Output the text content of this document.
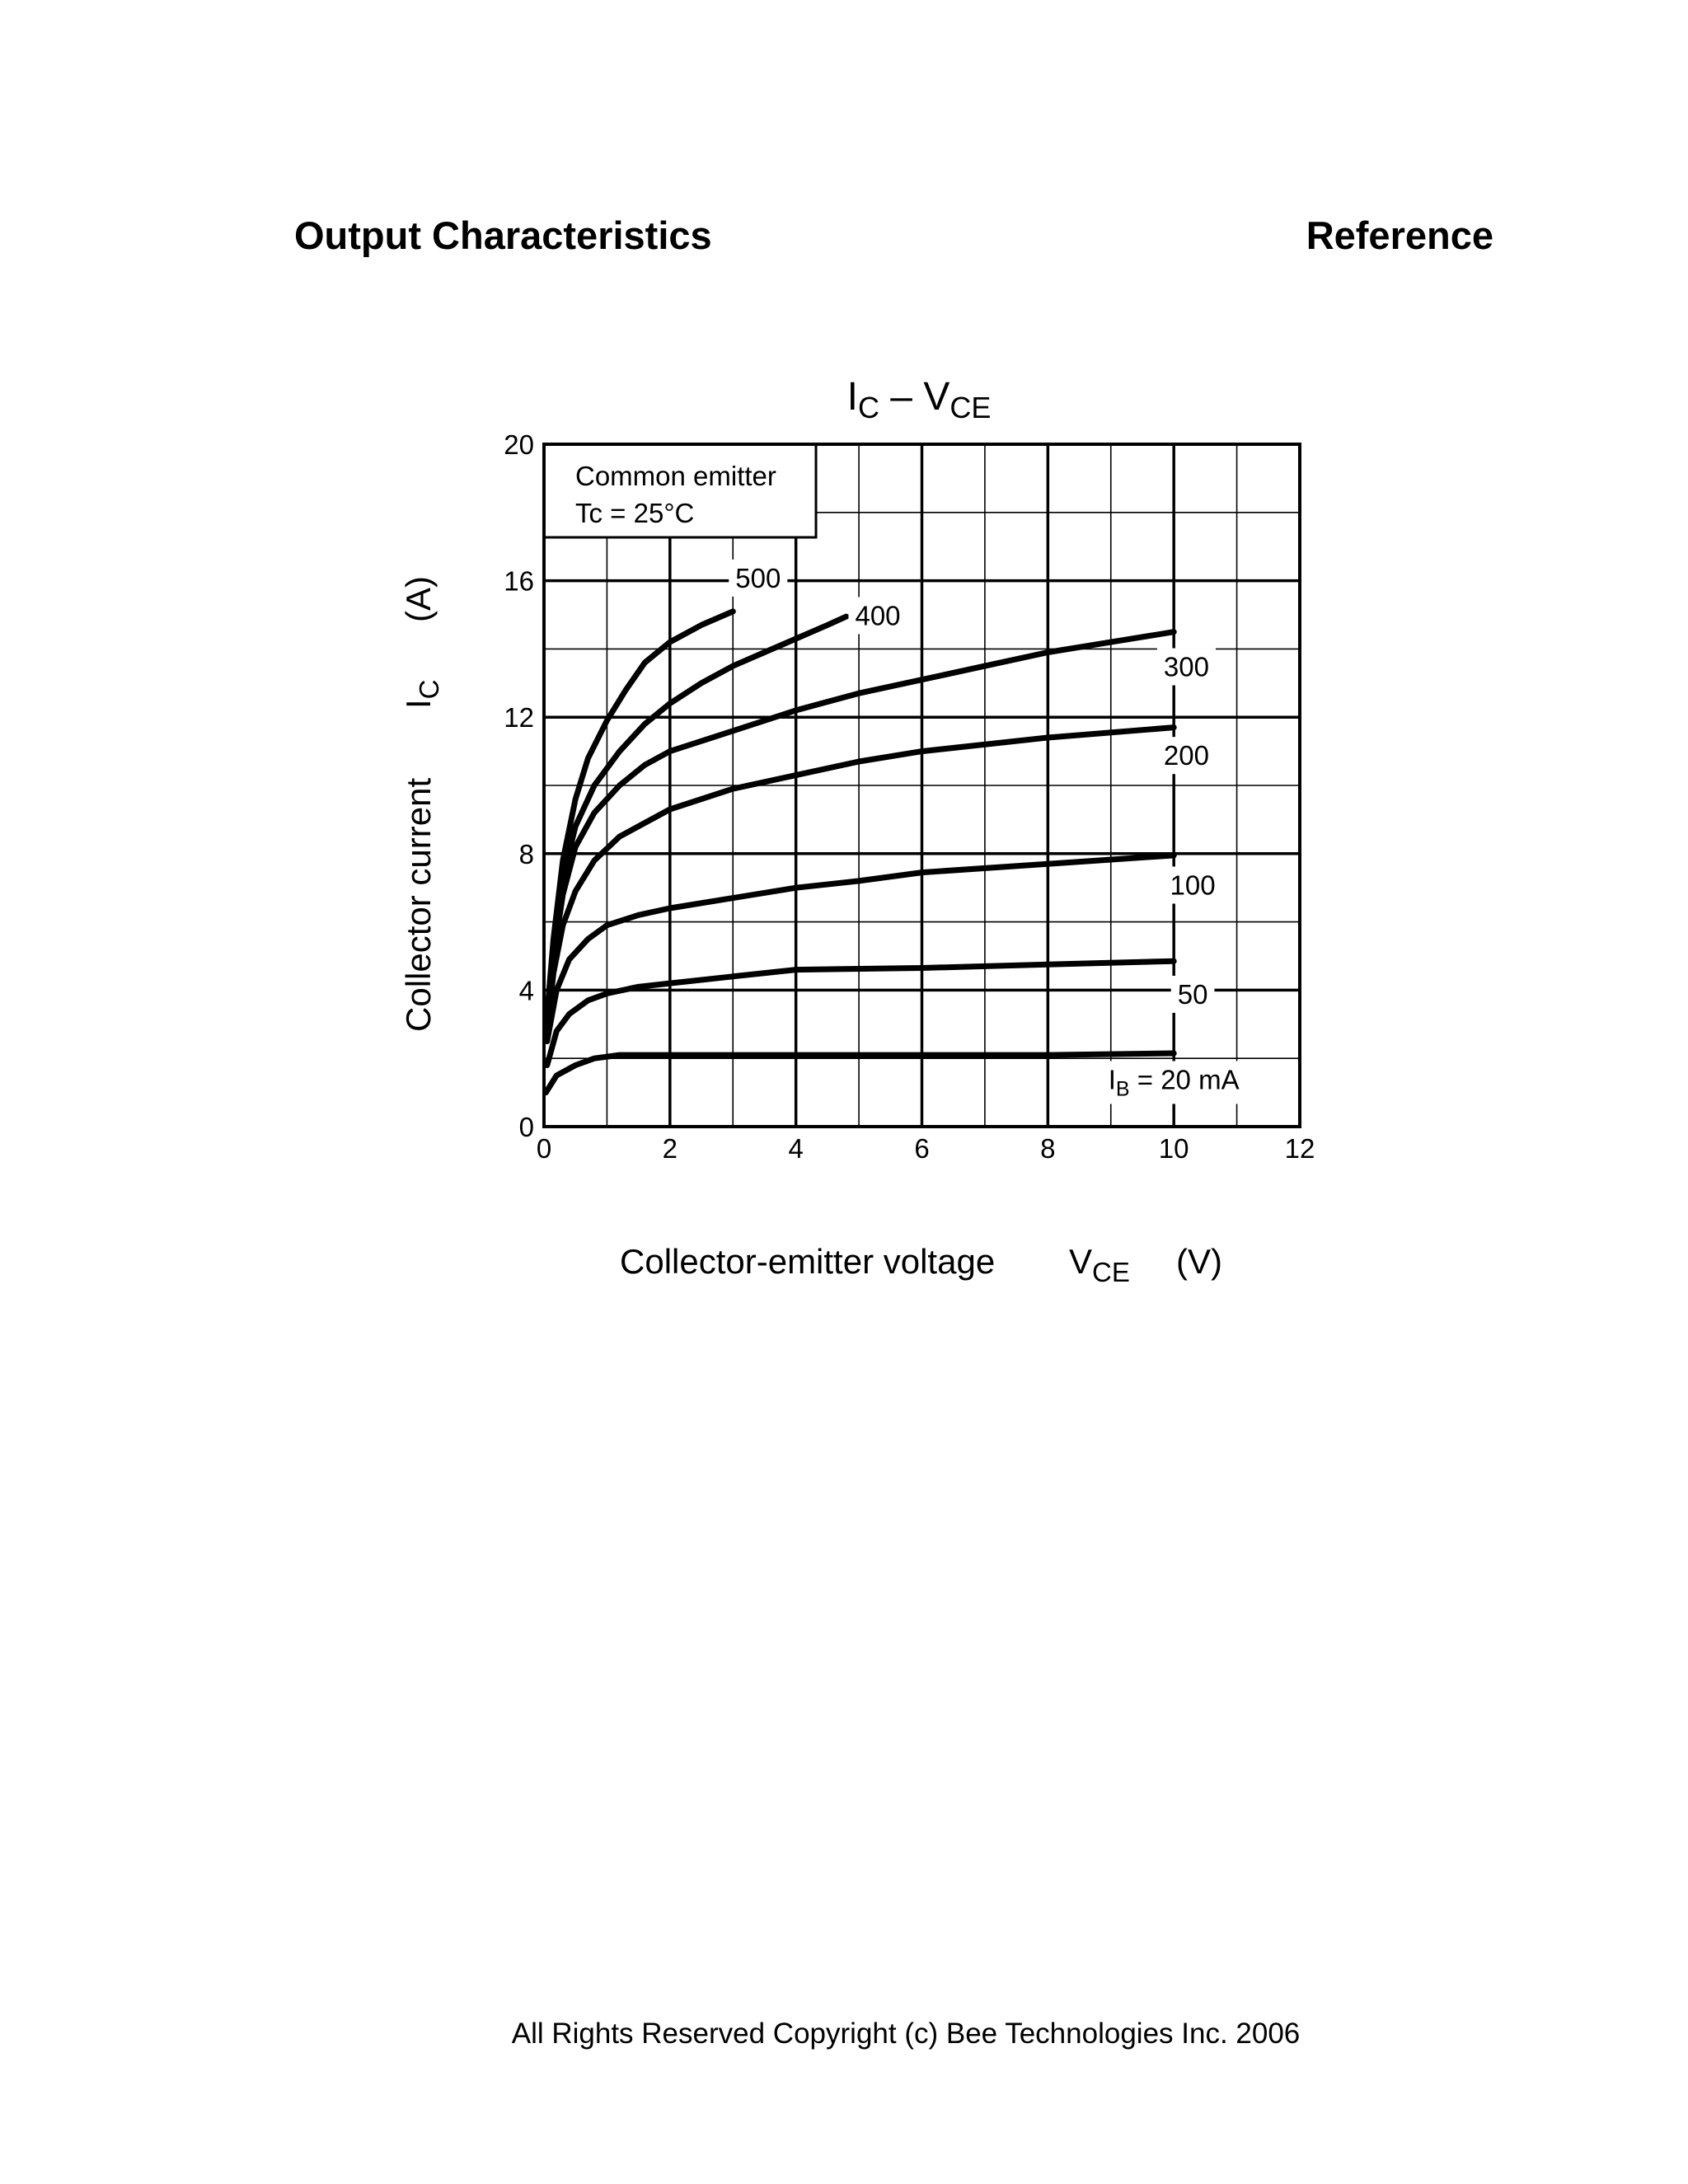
Output Characteristics	Reference
Common emitter
Tc = 25°C
0	2	4	6	8	10	12
0
4
8
12
16
20
$I_B = 20$ mA
50
100
200
300
400
500
$I_C - V_{CE}$
Collector-emitter voltage $V_{CE}$ (V)
Collector currentI$_C$(A)
All Rights Reserved Copyright (c) Bee Technologies Inc. 2006
